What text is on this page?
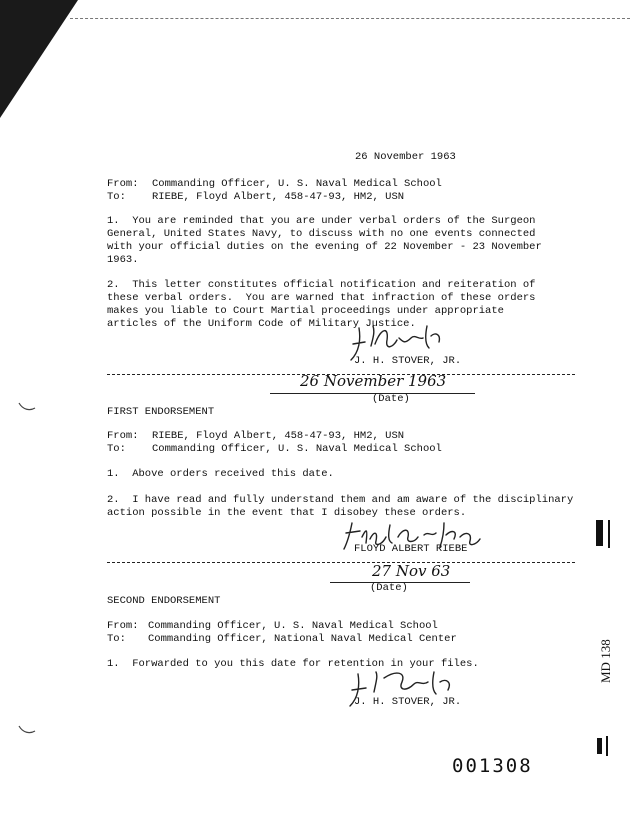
26 November 1963
From: Commanding Officer, U. S. Naval Medical School
To: RIEBE, Floyd Albert, 458-47-93, HM2, USN
1.  You are reminded that you are under verbal orders of the Surgeon
General, United States Navy, to discuss with no one events connected
with your official duties on the evening of 22 November - 23 November
1963.
2.  This letter constitutes official notification and reiteration of
these verbal orders.  You are warned that infraction of these orders
makes you liable to Court Martial proceedings under appropriate
articles of the Uniform Code of Military Justice.
J. H. STOVER, JR.
26 November 1963
(Date)
FIRST ENDORSEMENT
From: RIEBE, Floyd Albert, 458-47-93, HM2, USN
To: Commanding Officer, U. S. Naval Medical School
1.  Above orders received this date.
2.  I have read and fully understand them and am aware of the disciplinary
action possible in the event that I disobey these orders.
FLOYD ALBERT RIEBE
27 Nov 63
(Date)
SECOND ENDORSEMENT
From: Commanding Officer, U. S. Naval Medical School
To: Commanding Officer, National Naval Medical Center
1.  Forwarded to you this date for retention in your files.
J. H. STOVER, JR.
001308
MD 138
